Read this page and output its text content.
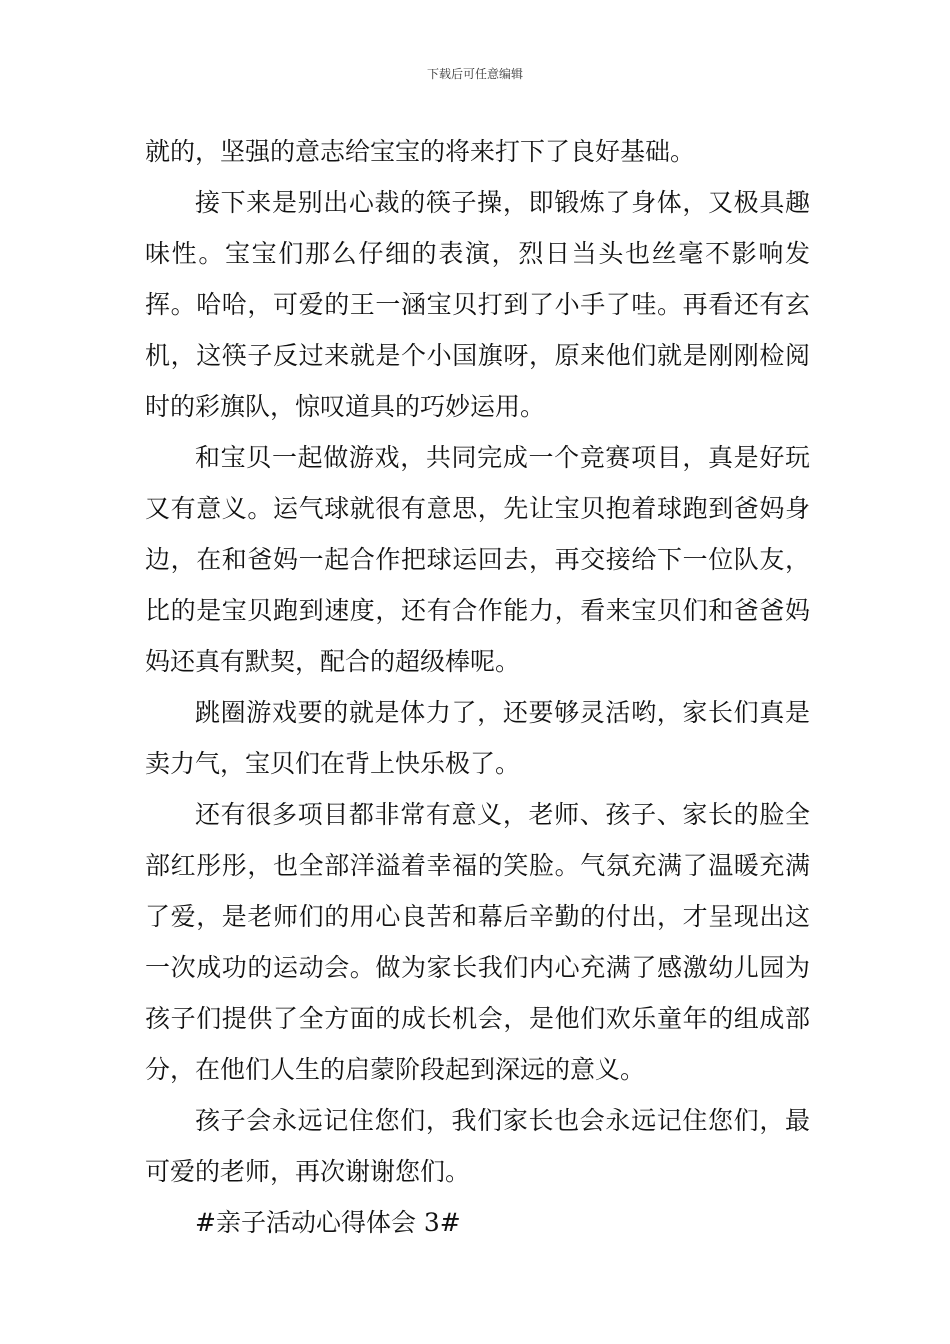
下载后可任意编辑

就的，坚强的意志给宝宝的将来打下了良好基础。

接下来是别出心裁的筷子操，即锻炼了身体，又极具趣味性。宝宝们那么仔细的表演，烈日当头也丝毫不影响发挥。哈哈，可爱的王一涵宝贝打到了小手了哇。再看还有玄机，这筷子反过来就是个小国旗呀，原来他们就是刚刚检阅时的彩旗队，惊叹道具的巧妙运用。

和宝贝一起做游戏，共同完成一个竞赛项目，真是好玩又有意义。运气球就很有意思，先让宝贝抱着球跑到爸妈身边，在和爸妈一起合作把球运回去，再交接给下一位队友，比的是宝贝跑到速度，还有合作能力，看来宝贝们和爸爸妈妈还真有默契，配合的超级棒呢。

跳圈游戏要的就是体力了，还要够灵活哟，家长们真是卖力气，宝贝们在背上快乐极了。

还有很多项目都非常有意义，老师、孩子、家长的脸全部红彤彤，也全部洋溢着幸福的笑脸。气氛充满了温暖充满了爱，是老师们的用心良苦和幕后辛勤的付出，才呈现出这一次成功的运动会。做为家长我们内心充满了感激幼儿园为孩子们提供了全方面的成长机会，是他们欢乐童年的组成部分，在他们人生的启蒙阶段起到深远的意义。

孩子会永远记住您们，我们家长也会永远记住您们，最可爱的老师，再次谢谢您们。

#亲子活动心得体会 3#
